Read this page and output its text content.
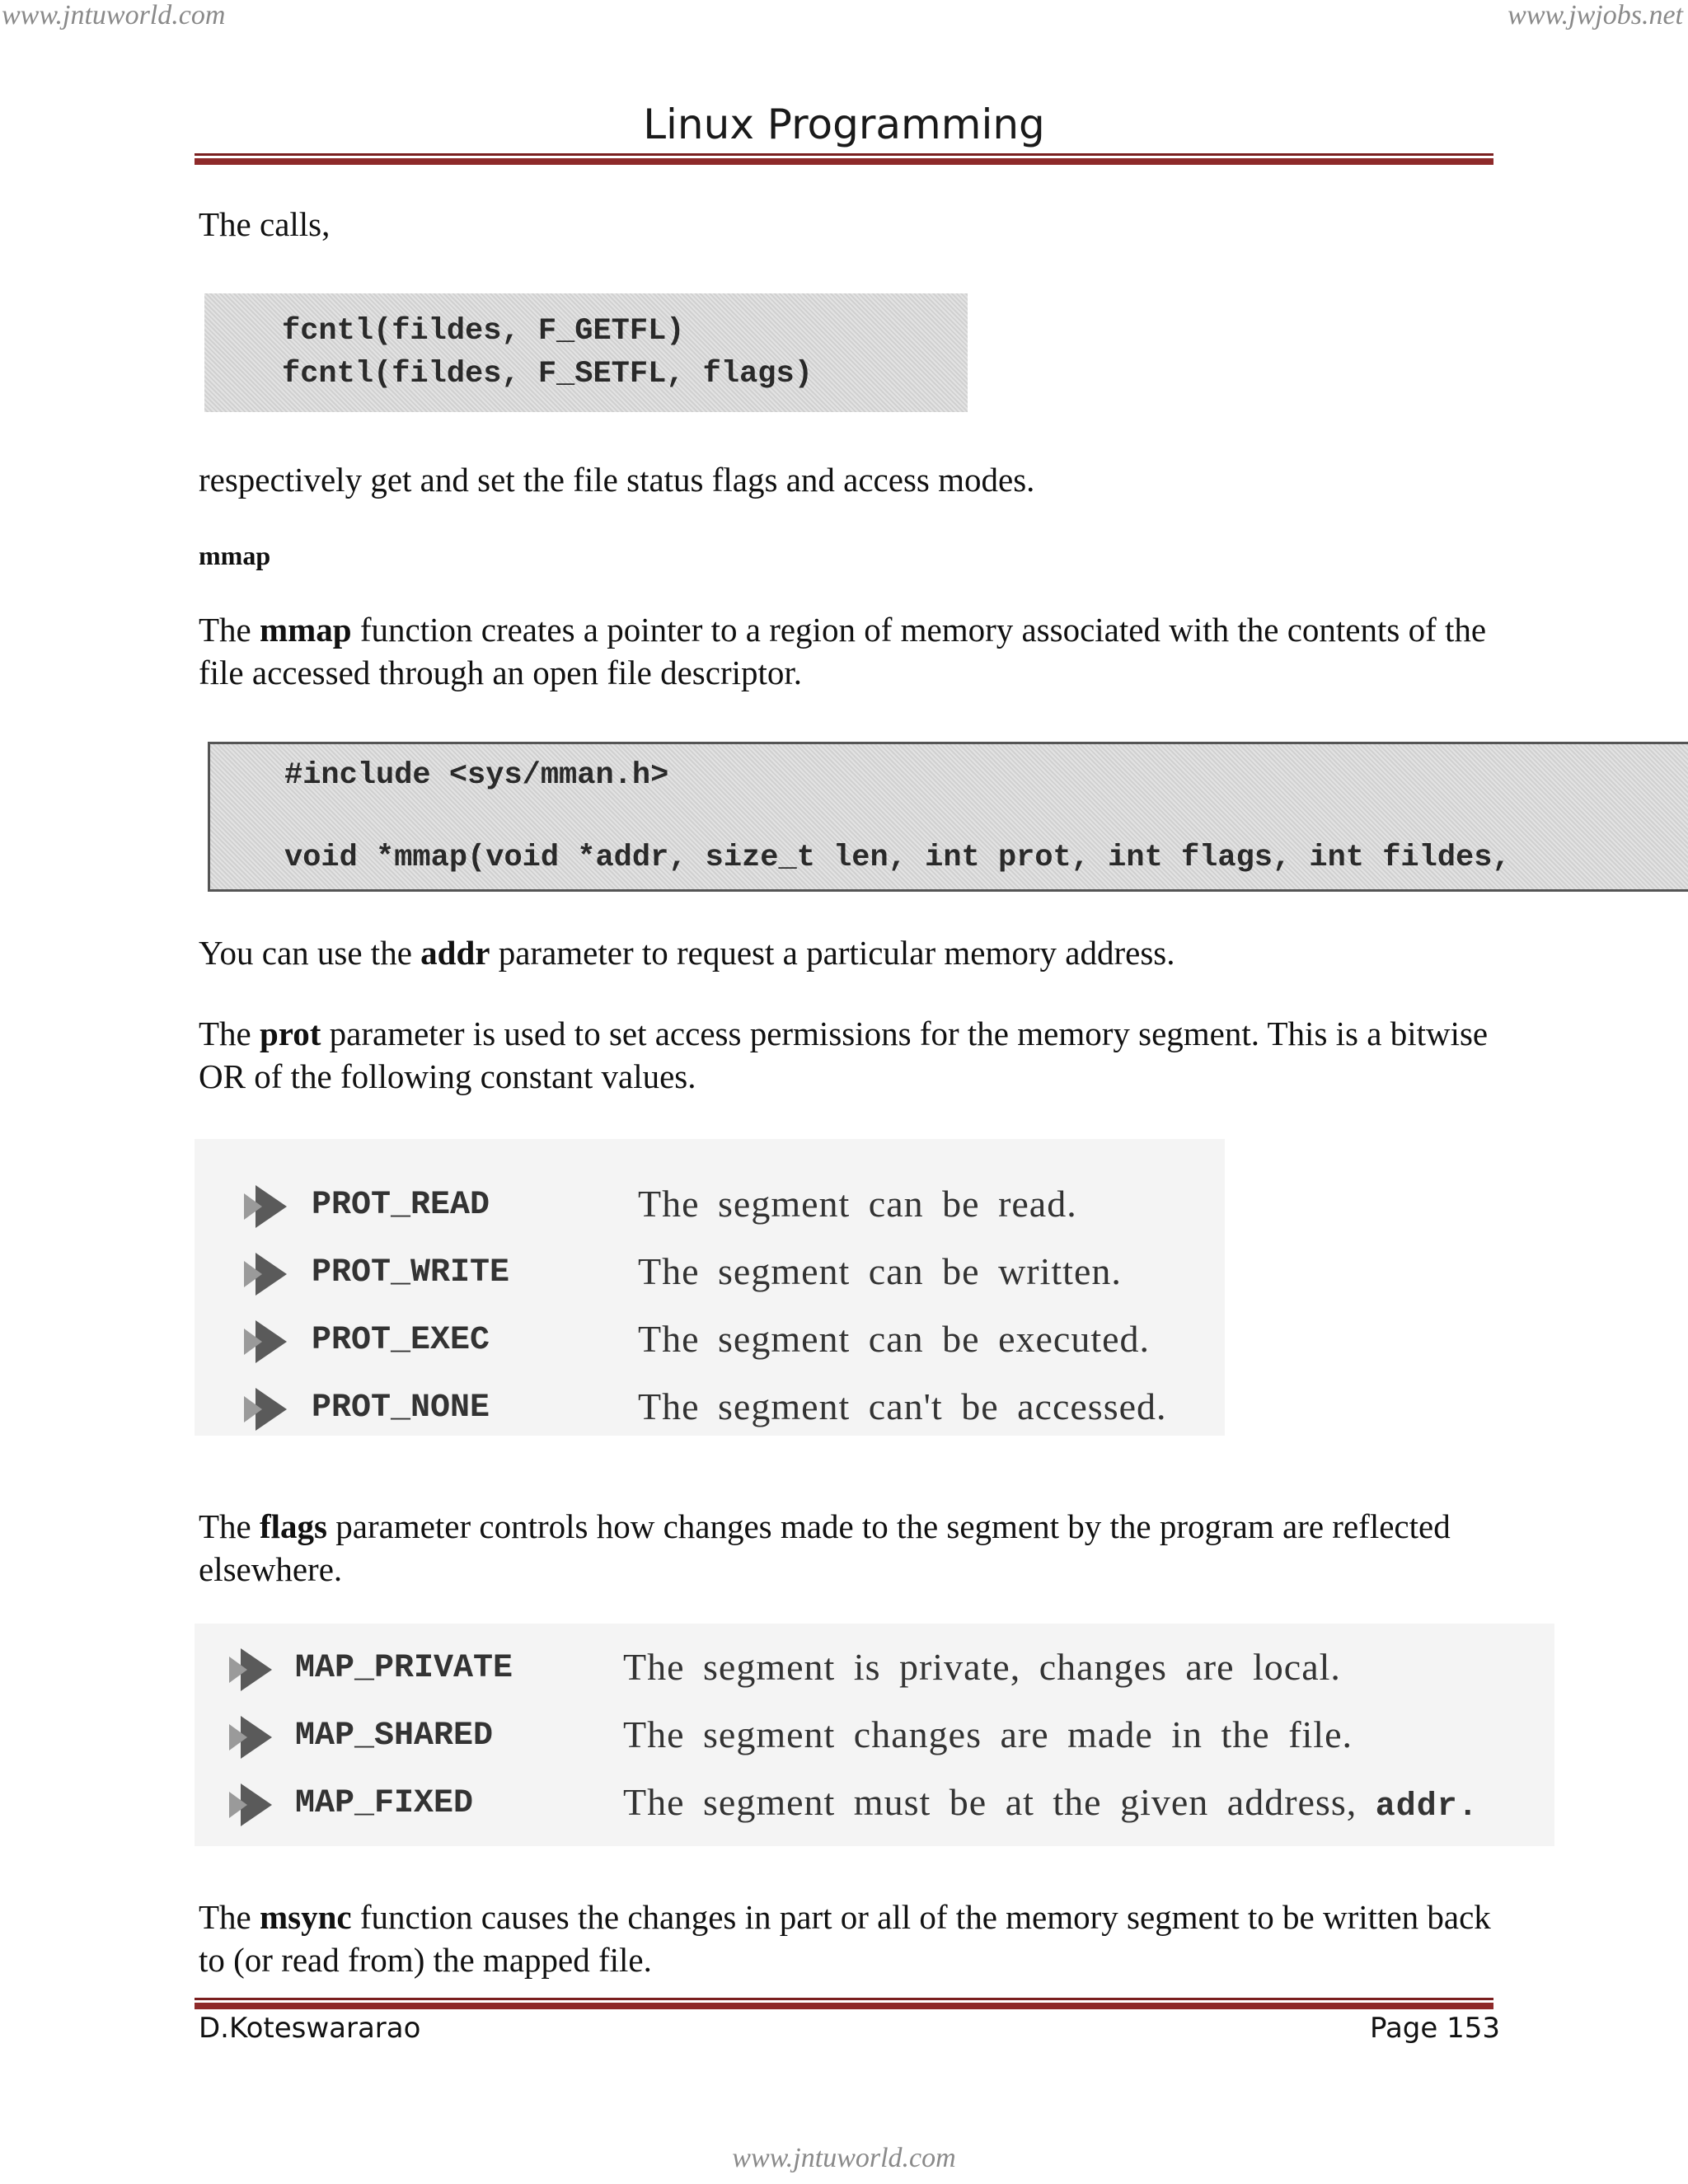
www.jntuworld.com	www.jwjobs.net
Linux Programming
The calls,

fcntl(fildes, F_GETFL)

fcntl(fildes, F_SETFL, flags)

respectively get and set the file status flags and access modes.
mmap
The mmap function creates a pointer to a region of memory associated with the contents of the file accessed through an open file descriptor.

#include <sys/mman.h>

void *mmap(void *addr, size_t len, int prot, int flags, int fildes,

You can use the addr parameter to request a particular memory address.
The prot parameter is used to set access permissions for the memory segment. This is a bitwise OR of the following constant values.
PROT_READ	The segment can be read.
PROT_WRITE	The segment can be written.
PROT_EXEC	The segment can be executed.
PROT_NONE	The segment can't be accessed.
The flags parameter controls how changes made to the segment by the program are reflected elsewhere.
MAP_PRIVATE	The segment is private, changes are local.
MAP_SHARED	The segment changes are made in the file.
MAP_FIXED	The segment must be at the given address, addr.
The msync function causes the changes in part or all of the memory segment to be written back to (or read from) the mapped file.
D.Koteswararao	Page 153
www.jntuworld.com
